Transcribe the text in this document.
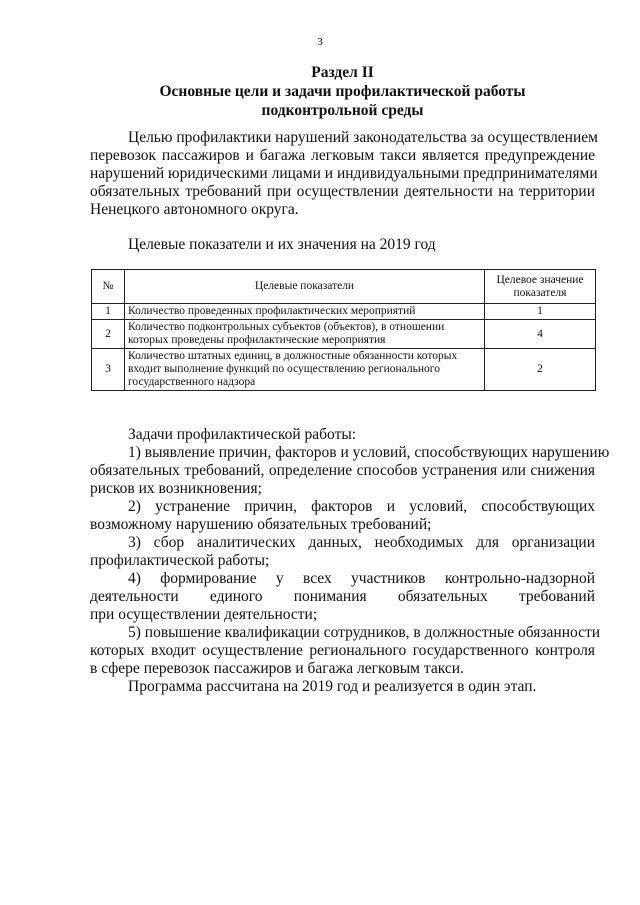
3
Раздел II
Основные цели и задачи профилактической работы
подконтрольной среды
Целью профилактики нарушений законодательства за осуществлением
перевозок пассажиров и багажа легковым такси является предупреждение
нарушений юридическими лицами и индивидуальными предпринимателями
обязательных требований при осуществлении деятельности на территории
Ненецкого автономного округа.
Целевые показатели и их значения на 2019 год
№	Целевые показатели	Целевое значение
показателя
1	Количество проведенных профилактических мероприятий	1
2	Количество подконтрольных субъектов (объектов), в отношении которых проведены профилактические мероприятия	4
3	Количество штатных единиц, в должностные обязанности которых входит выполнение функций по осуществлению регионального государственного надзора	2
Задачи профилактической работы:
1) выявление причин, факторов и условий, способствующих нарушению
обязательных требований, определение способов устранения или снижения
рисков их возникновения;
2) устранение причин, факторов и условий, способствующих
возможному нарушению обязательных требований;
3) сбор аналитических данных, необходимых для организации
профилактической работы;
4) формирование у всех участников контрольно-надзорной
деятельности единого понимания обязательных требований
при осуществлении деятельности;
5) повышение квалификации сотрудников, в должностные обязанности
которых входит осуществление регионального государственного контроля
в сфере перевозок пассажиров и багажа легковым такси.
Программа рассчитана на 2019 год и реализуется в один этап.
